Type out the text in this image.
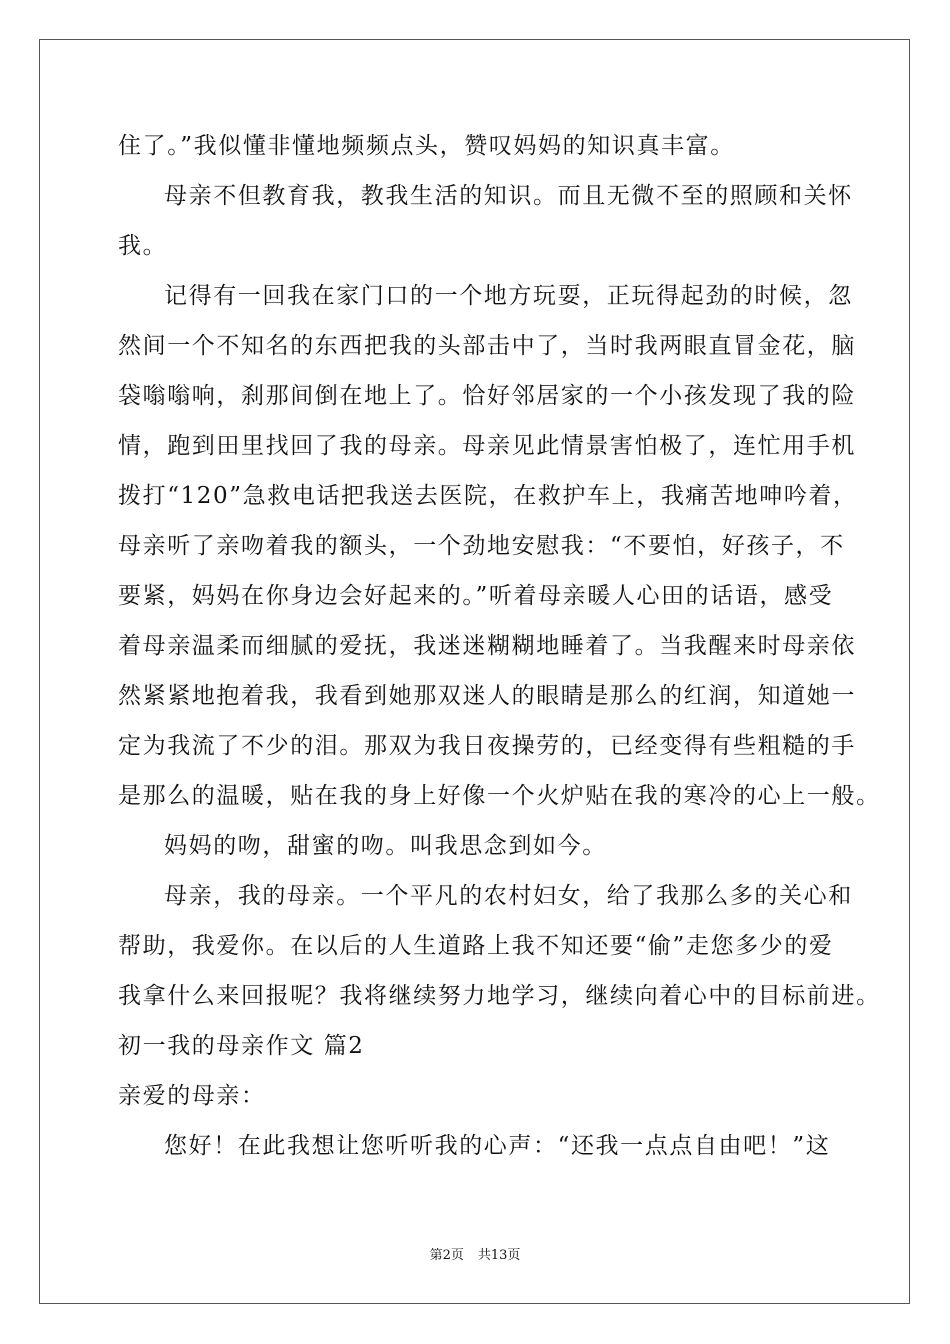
住了。”我似懂非懂地频频点头，赞叹妈妈的知识真丰富。
母亲不但教育我，教我生活的知识。而且无微不至的照顾和关怀
我。
记得有一回我在家门口的一个地方玩耍，正玩得起劲的时候，忽
然间一个不知名的东西把我的头部击中了，当时我两眼直冒金花，脑
袋嗡嗡响，刹那间倒在地上了。恰好邻居家的一个小孩发现了我的险
情，跑到田里找回了我的母亲。母亲见此情景害怕极了，连忙用手机
拨打“120”急救电话把我送去医院，在救护车上，我痛苦地呻吟着，
母亲听了亲吻着我的额头，一个劲地安慰我：“不要怕，好孩子，不
要紧，妈妈在你身边会好起来的。”听着母亲暖人心田的话语，感受
着母亲温柔而细腻的爱抚，我迷迷糊糊地睡着了。当我醒来时母亲依
然紧紧地抱着我，我看到她那双迷人的眼睛是那么的红润，知道她一
定为我流了不少的泪。那双为我日夜操劳的，已经变得有些粗糙的手
是那么的温暖，贴在我的身上好像一个火炉贴在我的寒冷的心上一般。
妈妈的吻，甜蜜的吻。叫我思念到如今。
母亲，我的母亲。一个平凡的农村妇女，给了我那么多的关心和
帮助，我爱你。在以后的人生道路上我不知还要“偷”走您多少的爱
我拿什么来回报呢？我将继续努力地学习，继续向着心中的目标前进。
初一我的母亲作文 篇2
亲爱的母亲：
您好！在此我想让您听听我的心声：“还我一点点自由吧！”这
第2页 共13页
